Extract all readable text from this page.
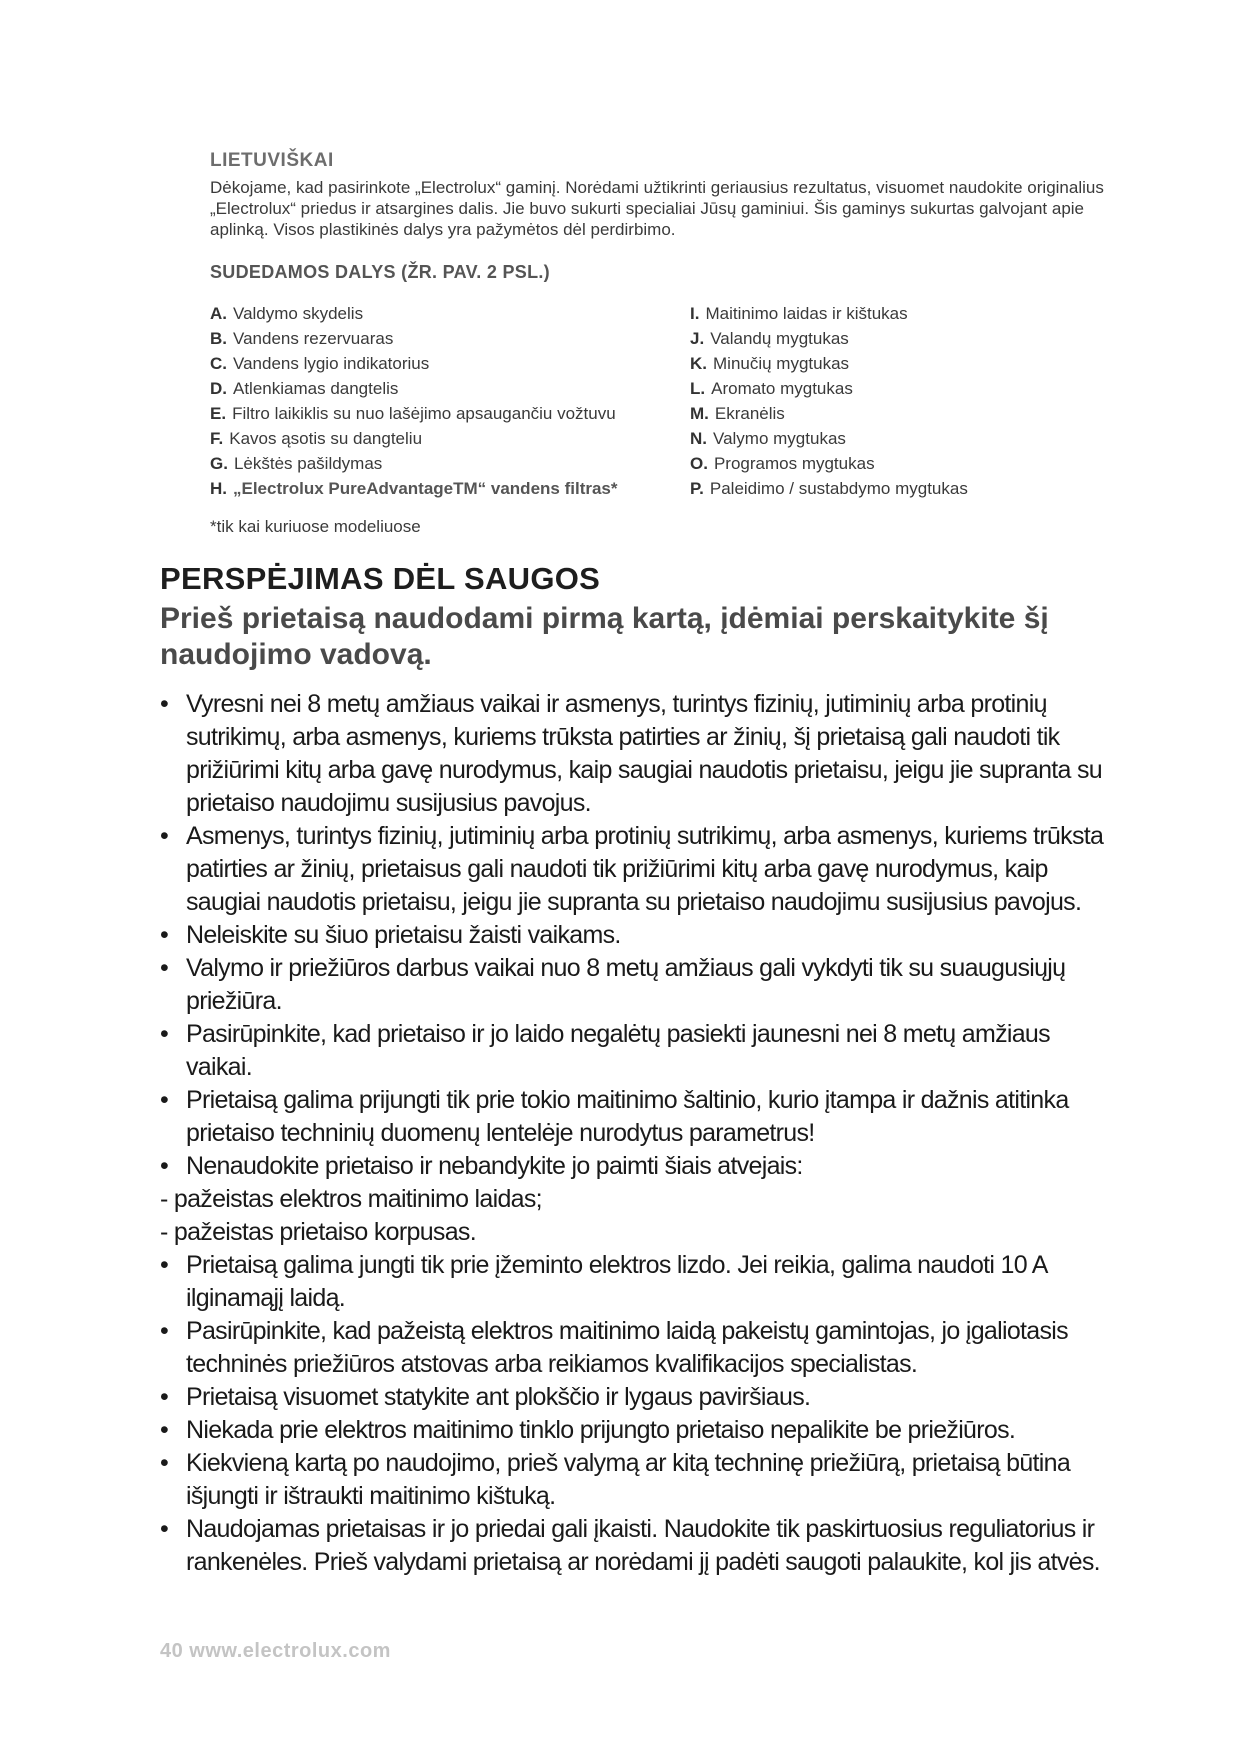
LIETUVIŠKAI

Dėkojame, kad pasirinkote „Electrolux“ gaminį. Norėdami užtikrinti geriausius rezultatus, visuomet naudokite originalius „Electrolux“ priedus ir atsargines dalis. Jie buvo sukurti specialiai Jūsų gaminiui. Šis gaminys sukurtas galvojant apie aplinką. Visos plastikinės dalys yra pažymėtos dėl perdirbimo.

SUDEDAMOS DALYS (ŽR. PAV. 2 PSL.)
A. Valdymo skydelis
B. Vandens rezervuaras
C. Vandens lygio indikatorius
D. Atlenkiamas dangtelis
E. Filtro laikiklis su nuo lašėjimo apsaugančiu vožtuvu
F. Kavos ąsotis su dangteliu
G. Lėkštės pašildymas
H. „Electrolux PureAdvantageTM“ vandens filtras*
I. Maitinimo laidas ir kištukas
J. Valandų mygtukas
K. Minučių mygtukas
L. Aromato mygtukas
M. Ekranėlis
N. Valymo mygtukas
O. Programos mygtukas
P. Paleidimo / sustabdymo mygtukas
*tik kai kuriuose modeliuose
PERSPĖJIMAS DĖL SAUGOS

Prieš prietaisą naudodami pirmą kartą, įdėmiai perskaitykite šį naudojimo vadovą.

• Vyresni nei 8 metų amžiaus vaikai ir asmenys, turintys fizinių, jutiminių arba protinių sutrikimų, arba asmenys, kuriems trūksta patirties ar žinių, šį prietaisą gali naudoti tik prižiūrimi kitų arba gavę nurodymus, kaip saugiai naudotis prietaisu, jeigu jie supranta su prietaiso naudojimu susijusius pavojus.
• Asmenys, turintys fizinių, jutiminių arba protinių sutrikimų, arba asmenys, kuriems trūksta patirties ar žinių, prietaisus gali naudoti tik prižiūrimi kitų arba gavę nurodymus, kaip saugiai naudotis prietaisu, jeigu jie supranta su prietaiso naudojimu susijusius pavojus.
• Neleiskite su šiuo prietaisu žaisti vaikams.
• Valymo ir priežiūros darbus vaikai nuo 8 metų amžiaus gali vykdyti tik su suaugusiųjų priežiūra.
• Pasirūpinkite, kad prietaiso ir jo laido negalėtų pasiekti jaunesni nei 8 metų amžiaus vaikai.
• Prietaisą galima prijungti tik prie tokio maitinimo šaltinio, kurio įtampa ir dažnis atitinka prietaiso techninių duomenų lentelėje nurodytus parametrus!
• Nenaudokite prietaiso ir nebandykite jo paimti šiais atvejais:
- pažeistas elektros maitinimo laidas;
- pažeistas prietaiso korpusas.
• Prietaisą galima jungti tik prie įžeminto elektros lizdo. Jei reikia, galima naudoti 10 A ilginamąjį laidą.
• Pasirūpinkite, kad pažeistą elektros maitinimo laidą pakeistų gamintojas, jo įgaliotasis techninės priežiūros atstovas arba reikiamos kvalifikacijos specialistas.
• Prietaisą visuomet statykite ant plokščio ir lygaus paviršiaus.
• Niekada prie elektros maitinimo tinklo prijungto prietaiso nepalikite be priežiūros.
• Kiekvieną kartą po naudojimo, prieš valymą ar kitą techninę priežiūrą, prietaisą būtina išjungti ir ištraukti maitinimo kištuką.
• Naudojamas prietaisas ir jo priedai gali įkaisti. Naudokite tik paskirtuosius reguliatorius ir rankenėles. Prieš valydami prietaisą ar norėdami jį padėti saugoti palaukite, kol jis atvės.
40 www.electrolux.com
